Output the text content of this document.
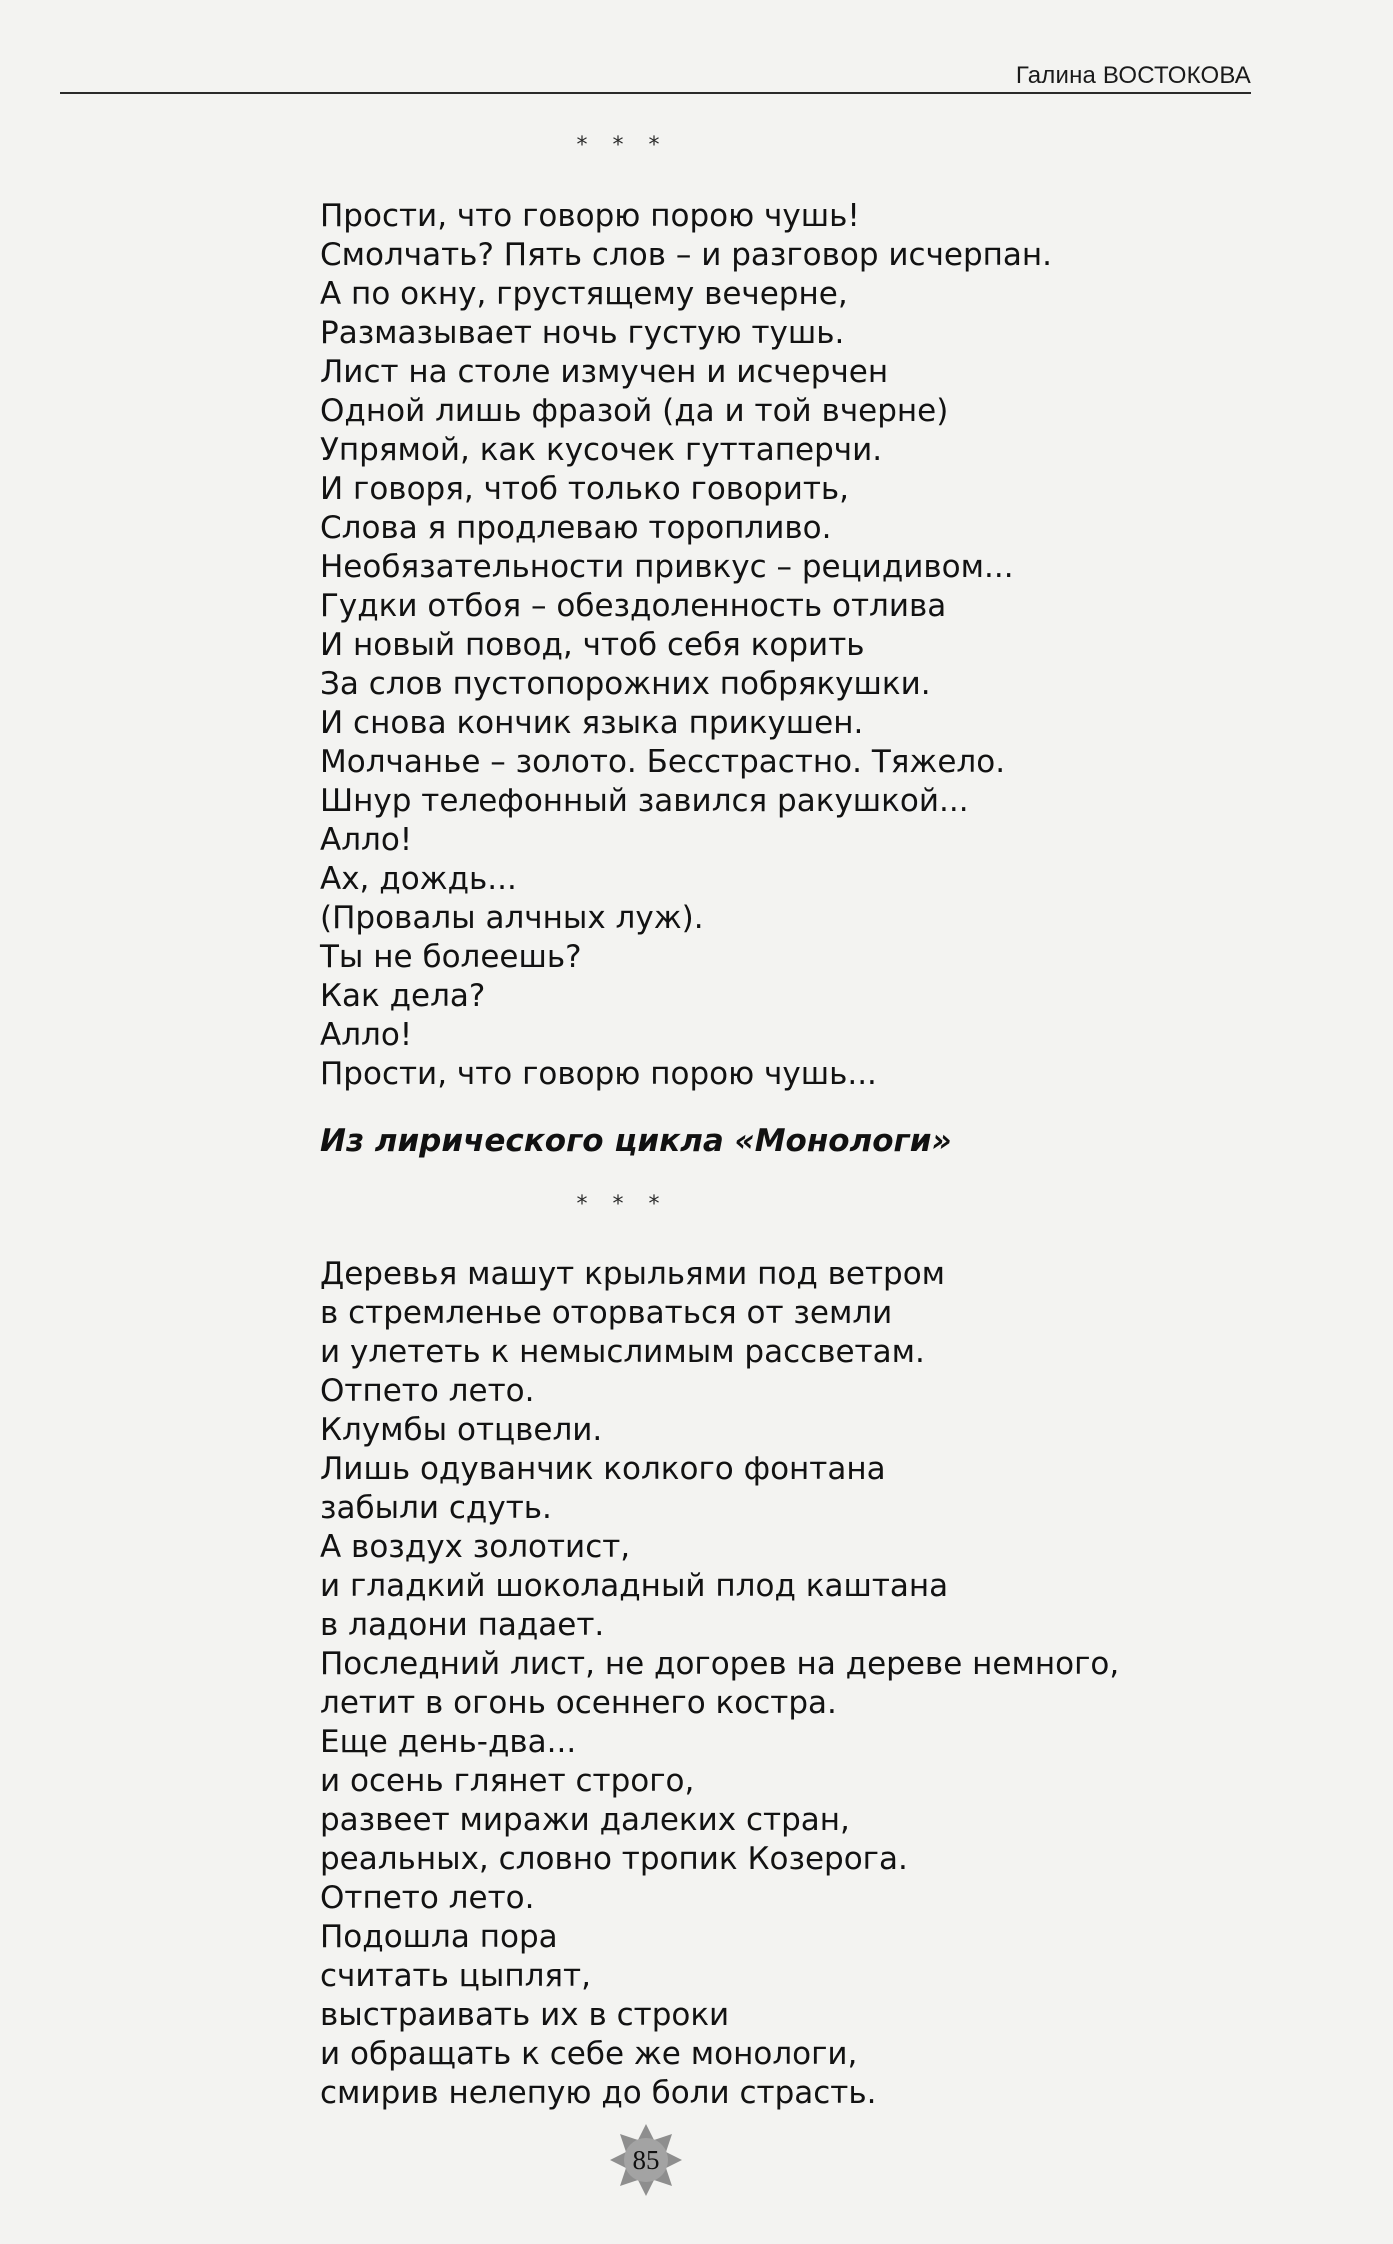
Галина ВОСТОКОВА
* * *
Прости, что говорю порою чушь!
Смолчать? Пять слов – и разговор исчерпан.
А по окну, грустящему вечерне,
Размазывает ночь густую тушь.
Лист на столе измучен и исчерчен
Одной лишь фразой (да и той вчерне)
Упрямой, как кусочек гуттаперчи.
И говоря, чтоб только говорить,
Слова я продлеваю торопливо.
Необязательности привкус – рецидивом...
Гудки отбоя – обездоленность отлива
И новый повод, чтоб себя корить
За слов пустопорожних побрякушки.
И снова кончик языка прикушен.
Молчанье – золото. Бесстрастно. Тяжело.
Шнур телефонный завился ракушкой...
Алло!
Ах, дождь...
(Провалы алчных луж).
Ты не болеешь?
Как дела?
Алло!
Прости, что говорю порою чушь...
Из лирического цикла «Монологи»
* * *
Деревья машут крыльями под ветром
в стремленье оторваться от земли
и улететь к немыслимым рассветам.
Отпето лето.
Клумбы отцвели.
Лишь одуванчик колкого фонтана
забыли сдуть.
А воздух золотист,
и гладкий шоколадный плод каштана
в ладони падает.
Последний лист, не догорев на дереве немного,
летит в огонь осеннего костра.
Еще день-два...
и осень глянет строго,
развеет миражи далеких стран,
реальных, словно тропик Козерога.
Отпето лето.
Подошла пора
считать цыплят,
выстраивать их в строки
и обращать к себе же монологи,
смирив нелепую до боли страсть.
85
